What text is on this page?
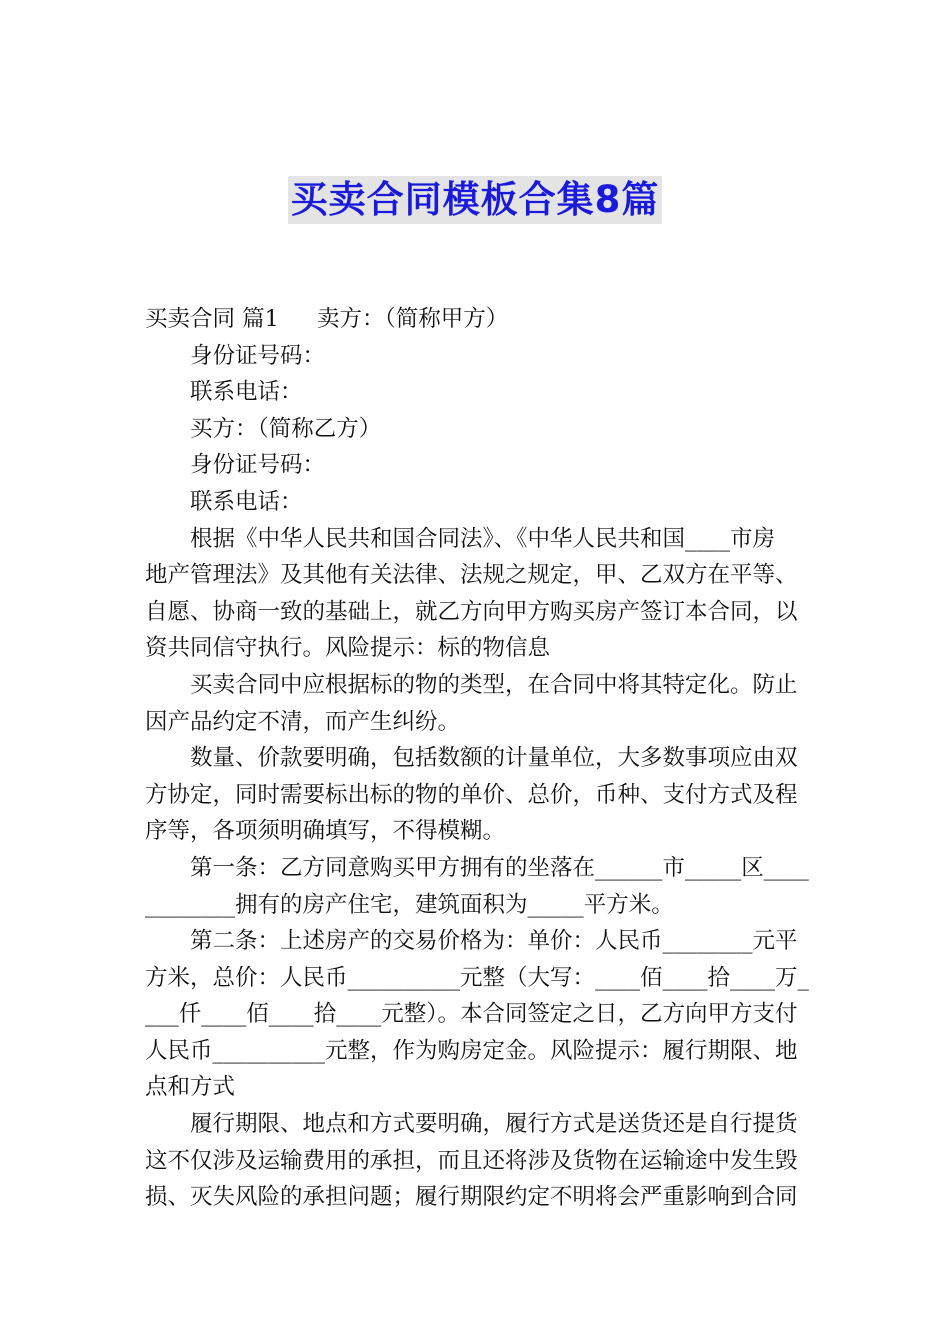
买卖合同模板合集8篇
买卖合同 篇1 卖方：（简称甲方）
身份证号码：
联系电话：
买方：（简称乙方）
身份证号码：
联系电话：
根据《中华人民共和国合同法》、《中华人民共和国____市房
地产管理法》及其他有关法律、法规之规定，甲、乙双方在平等、
自愿、协商一致的基础上，就乙方向甲方购买房产签订本合同，以
资共同信守执行。风险提示：标的物信息
买卖合同中应根据标的物的类型，在合同中将其特定化。防止
因产品约定不清，而产生纠纷。
数量、价款要明确，包括数额的计量单位，大多数事项应由双
方协定，同时需要标出标的物的单价、总价，币种、支付方式及程
序等，各项须明确填写，不得模糊。
第一条：乙方同意购买甲方拥有的坐落在______市_____区____
________拥有的房产住宅，建筑面积为_____平方米。
第二条：上述房产的交易价格为：单价：人民币________元平
方米，总价：人民币__________元整（大写：____佰____拾____万_
___仟____佰____拾____元整）。本合同签定之日，乙方向甲方支付
人民币__________元整，作为购房定金。风险提示：履行期限、地
点和方式
履行期限、地点和方式要明确，履行方式是送货还是自行提货
这不仅涉及运输费用的承担，而且还将涉及货物在运输途中发生毁
损、灭失风险的承担问题；履行期限约定不明将会严重影响到合同
